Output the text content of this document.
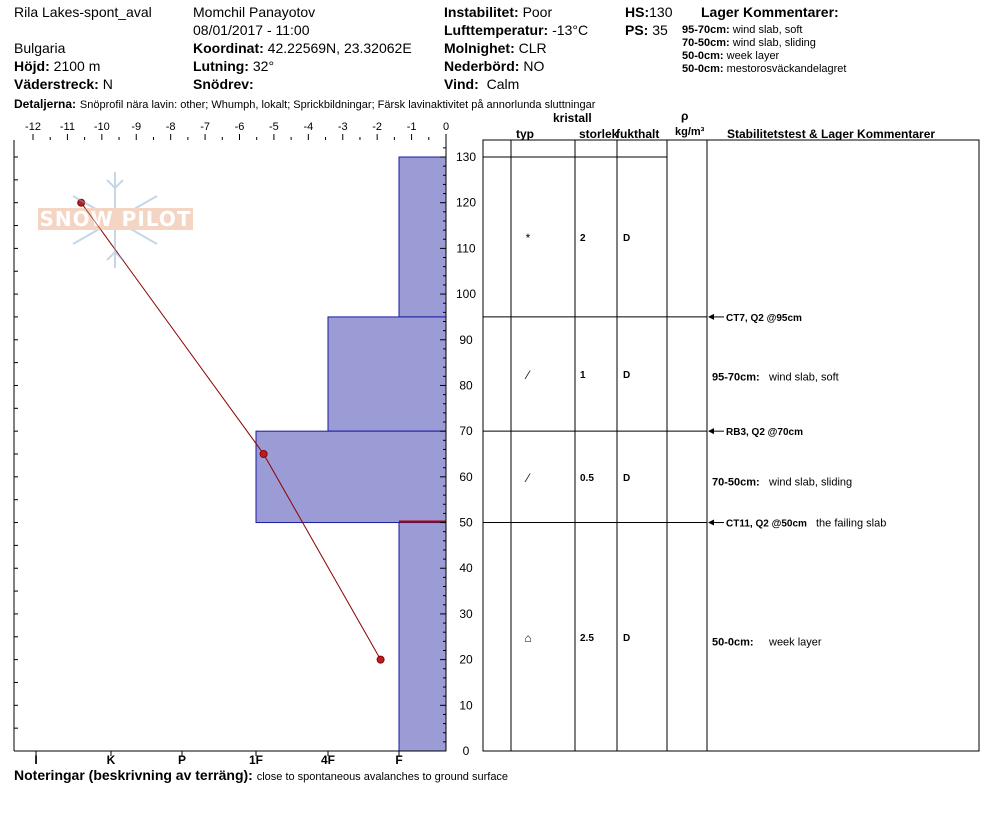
Rila Lakes-spont_aval
Bulgaria
Höjd: 2100 m
Väderstreck: N
Momchil Panayotov
08/01/2017 - 11:00
Koordinat: 42.22569N, 23.32062E
Lutning: 32°
Snödrev:
Instabilitet: Poor
Lufttemperatur: -13°C
Molnighet: CLR
Nederbörd: NO
Vind: Calm
HS:130
PS: 35
Lager Kommentarer:
95-70cm: wind slab, soft
70-50cm: wind slab, sliding
50-0cm: week layer
50-0cm: mestorosväckandelagret
Detaljerna: Snöprofil nära lavin: other; Whumph, lokalt; Sprickbildningar; Färsk lavinaktivitet på annorlunda sluttningar
kristall
typ	storlek
fukthalt
ρ
kg/m³ Stabilitetstest & Lager Kommentarer
-12 -11 -10 -9 -8 -7 -6 -5 -4 -3 -2 -1 0
0
10
20
30
40
50
60
70
80
90
100
110
120
130
I	K	P	1F	4F	F
*	2	D
⁄	1	D
⁄	0.5	D
⌂	2.5	D
CT7, Q2 @95cm
RB3, Q2 @70cm
CT11, Q2 @50cm the failing slab
95-70cm: wind slab, soft
70-50cm: wind slab, sliding
50-0cm: week layer
SNOW PILOT
Noteringar (beskrivning av terräng): close to spontaneous avalanches to ground surface
